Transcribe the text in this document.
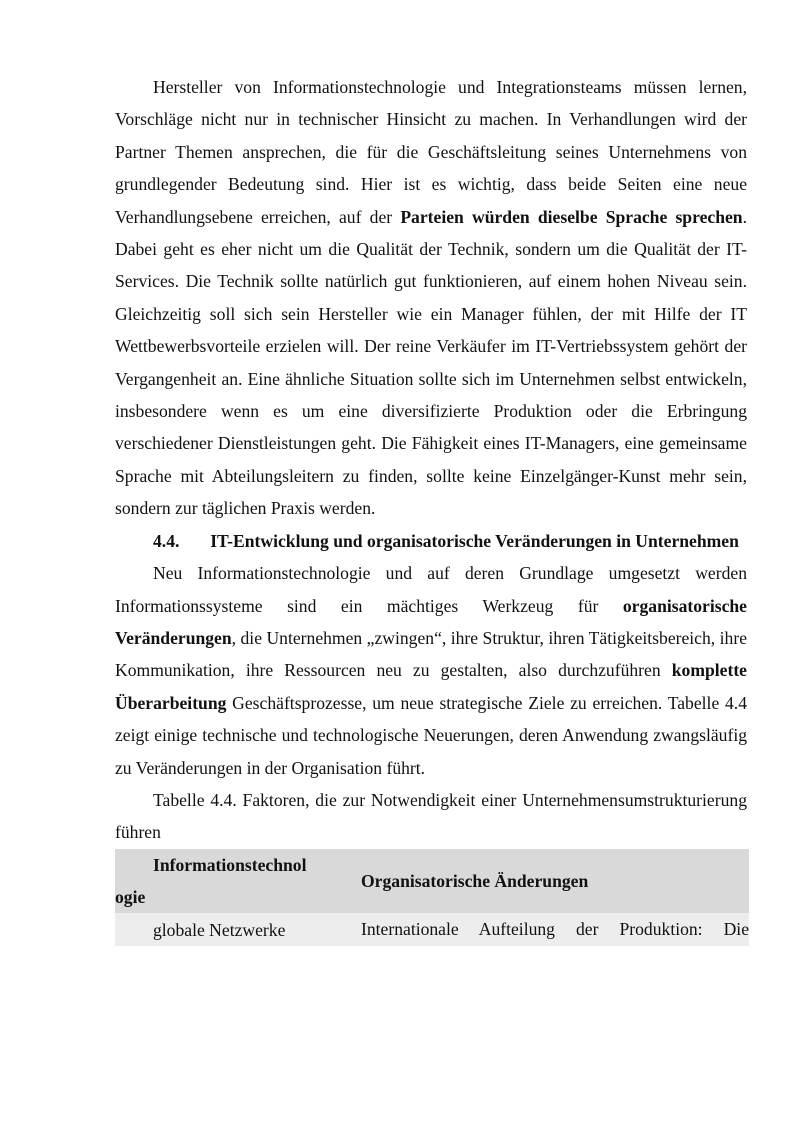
Hersteller von Informationstechnologie und Integrationsteams müssen lernen, Vorschläge nicht nur in technischer Hinsicht zu machen. In Verhandlungen wird der Partner Themen ansprechen, die für die Geschäftsleitung seines Unternehmens von grundlegender Bedeutung sind. Hier ist es wichtig, dass beide Seiten eine neue Verhandlungsebene erreichen, auf der Parteien würden dieselbe Sprache sprechen. Dabei geht es eher nicht um die Qualität der Technik, sondern um die Qualität der IT-Services. Die Technik sollte natürlich gut funktionieren, auf einem hohen Niveau sein. Gleichzeitig soll sich sein Hersteller wie ein Manager fühlen, der mit Hilfe der IT Wettbewerbsvorteile erzielen will. Der reine Verkäufer im IT-Vertriebssystem gehört der Vergangenheit an. Eine ähnliche Situation sollte sich im Unternehmen selbst entwickeln, insbesondere wenn es um eine diversifizierte Produktion oder die Erbringung verschiedener Dienstleistungen geht. Die Fähigkeit eines IT-Managers, eine gemeinsame Sprache mit Abteilungsleitern zu finden, sollte keine Einzelgänger-Kunst mehr sein, sondern zur täglichen Praxis werden.

4.4. IT-Entwicklung und organisatorische Veränderungen in Unternehmen

Neu Informationstechnologie und auf deren Grundlage umgesetzt werden Informationssysteme sind ein mächtiges Werkzeug für organisatorische Veränderungen, die Unternehmen „zwingen“, ihre Struktur, ihren Tätigkeitsbereich, ihre Kommunikation, ihre Ressourcen neu zu gestalten, also durchzuführen komplette Überarbeitung Geschäftsprozesse, um neue strategische Ziele zu erreichen. Tabelle 4.4 zeigt einige technische und technologische Neuerungen, deren Anwendung zwangsläufig zu Veränderungen in der Organisation führt.

Tabelle 4.4. Faktoren, die zur Notwendigkeit einer Unternehmensumstrukturierung führen

Informationstechnol
ogie	Organisatorische Änderungen
globale Netzwerke	Internationale Aufteilung der Produktion: Die
